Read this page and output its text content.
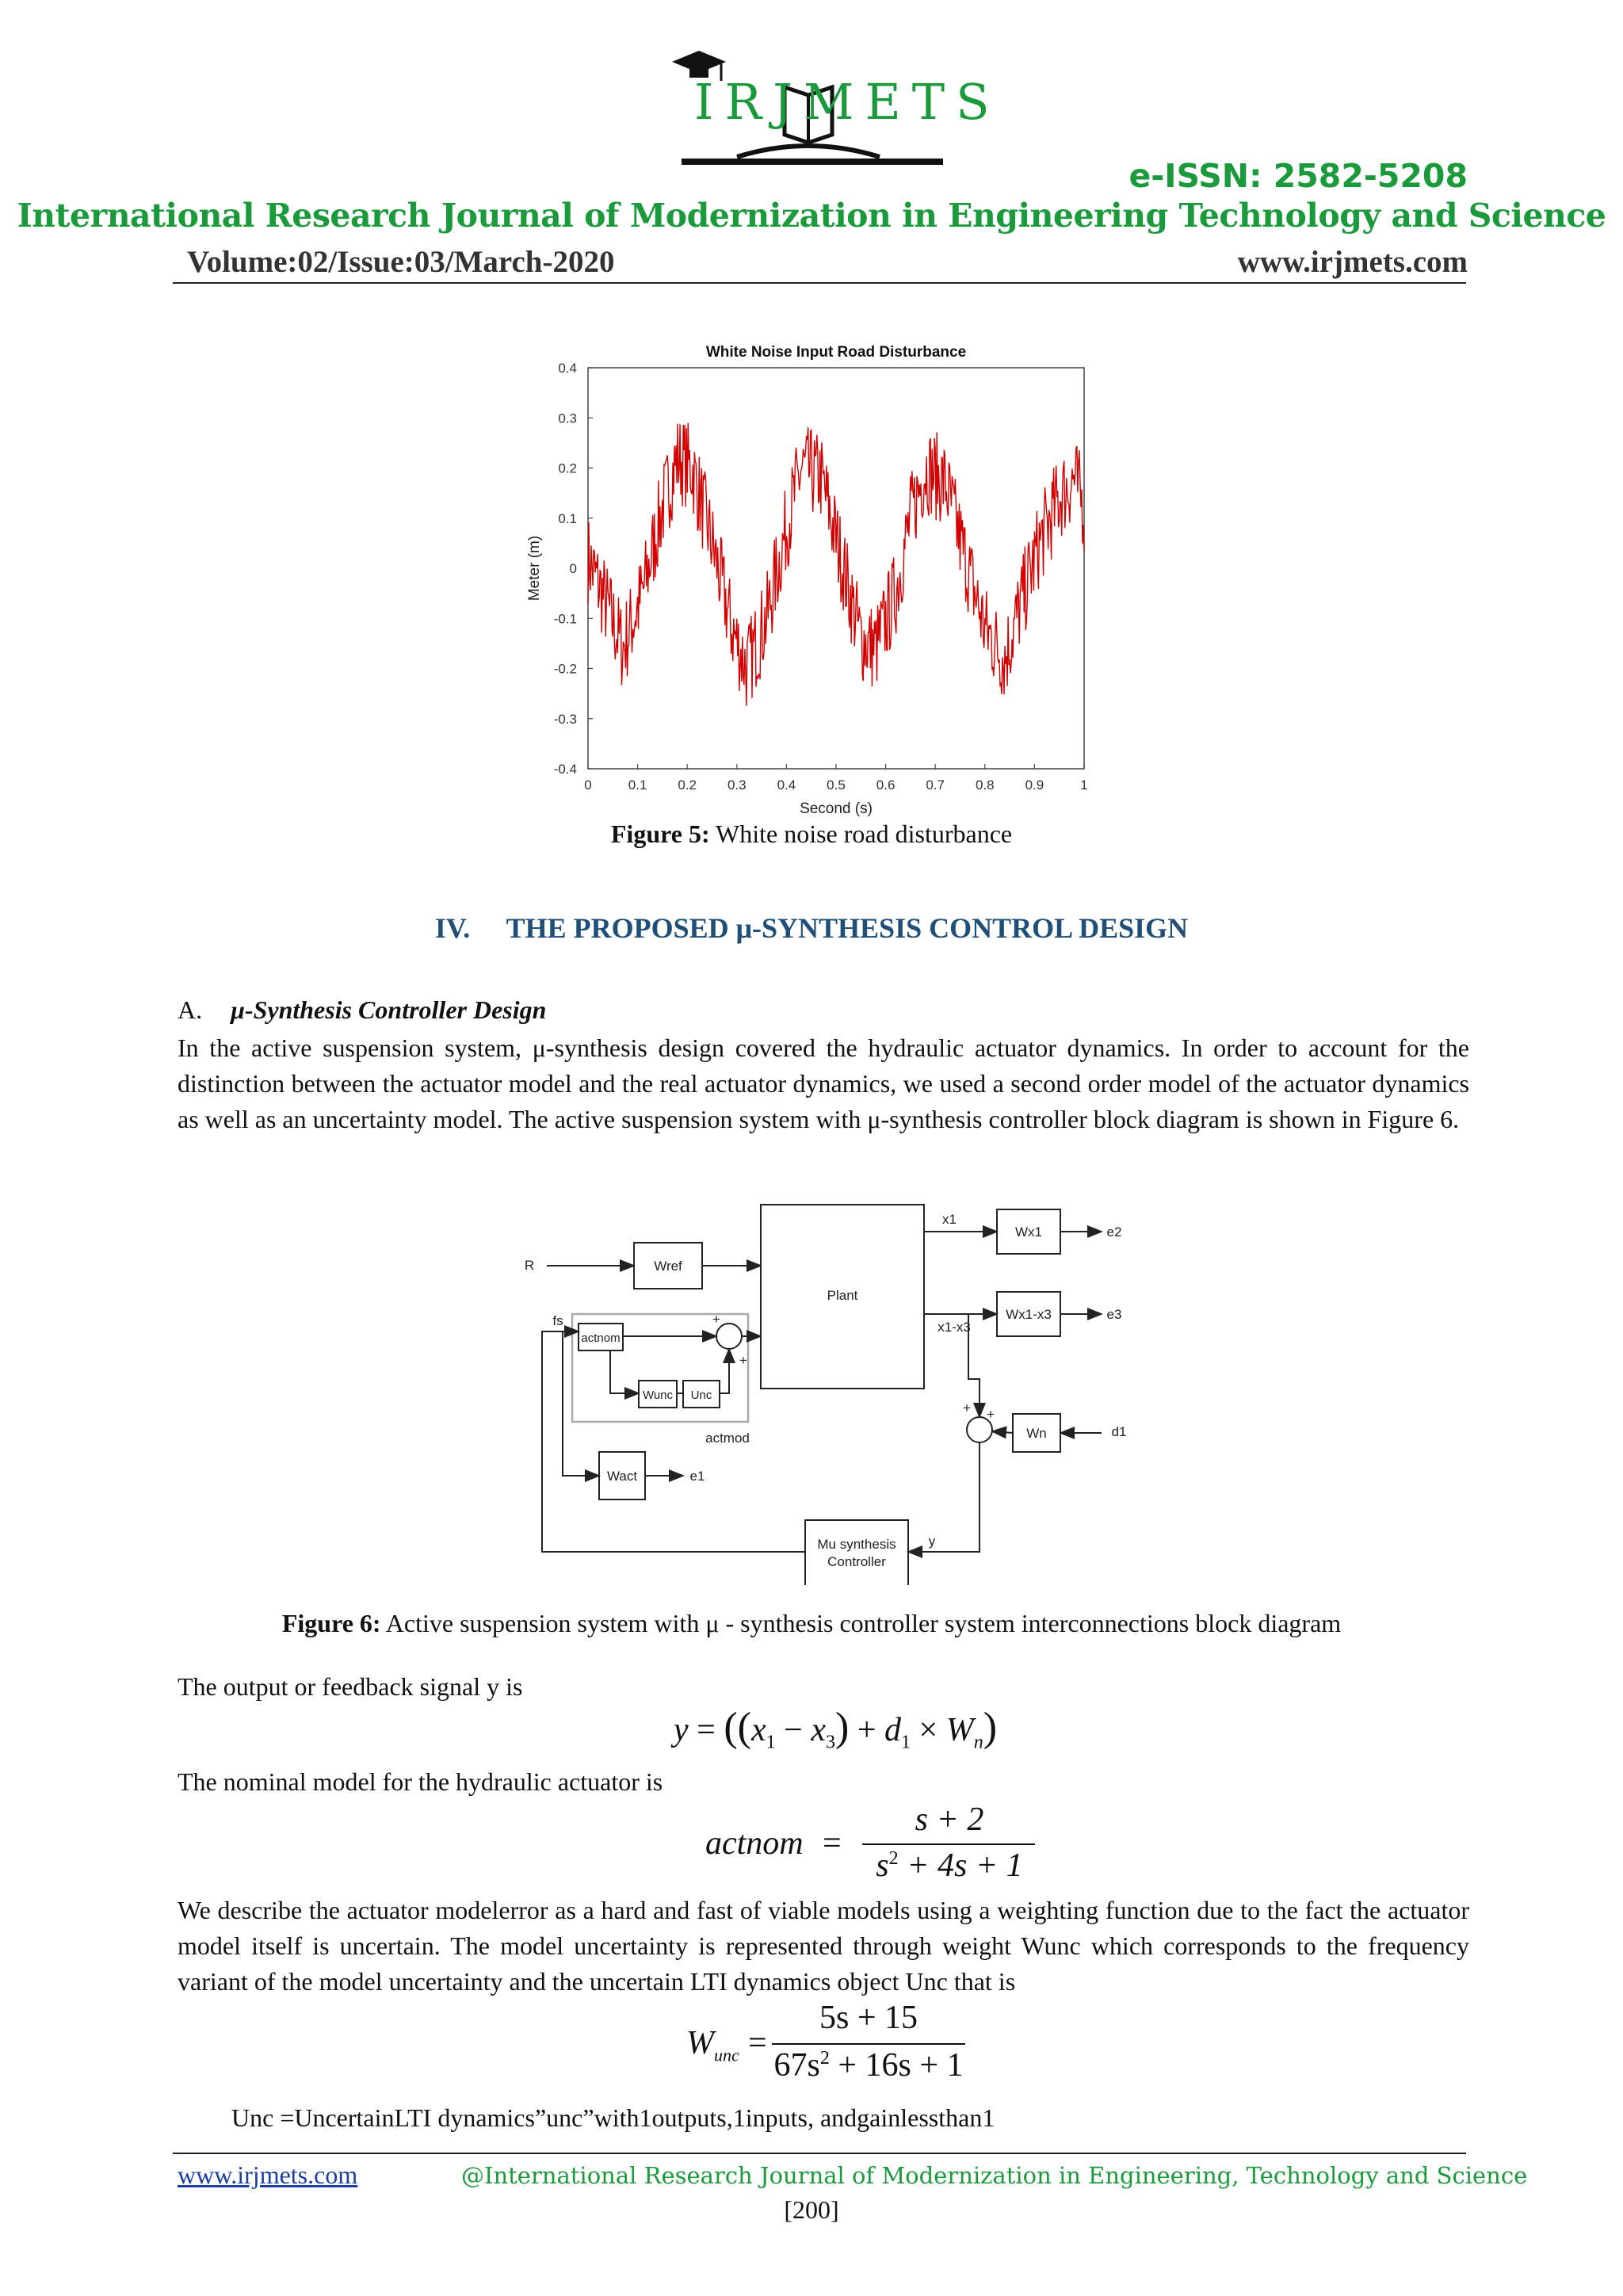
IRJMETS
e-ISSN: 2582-5208
International Research Journal of Modernization in Engineering Technology and Science
Volume:02/Issue:03/March-2020	www.irjmets.com
White Noise Input Road Disturbance
0	0.1 0.2 0.3 0.4 0.5 0.6 0.7 0.8 0.9	1
0.4
0.3
0.2
0.1
0
-0.1
-0.2
-0.3
-0.4
Second (s)
Meter (m)
Figure 5: White noise road disturbance
IV. THE PROPOSED μ-SYNTHESIS CONTROL DESIGN
A. μ-Synthesis Controller Design
In the active suspension system, μ-synthesis design covered the hydraulic actuator dynamics. In order to account for the distinction between the actuator model and the real actuator dynamics, we used a second order model of the actuator dynamics as well as an uncertainty model. The active suspension system with μ-synthesis controller block diagram is shown in Figure 6.
Plant
Wref
Wx1
Wx1-x3
actnom
Wunc Unc
actmod	Wn
Wact
Mu synthesis
Controller
R
fs
x1
x1-x3
e1
e2
e3
d1
y
+
+
+ +
Figure 6: Active suspension system with μ - synthesis controller system interconnections block diagram
The output or feedback signal y is
$y = ((x_1 - x_3) + d_1 \times W_n)$
The nominal model for the hydraulic actuator is
actnom =
s + 2
$s^2 + 4s + 1$
We describe the actuator modelerror as a hard and fast of viable models using a weighting function due to the fact the actuator model itself is uncertain. The model uncertainty is represented through weight Wunc which corresponds to the frequency variant of the model uncertainty and the uncertain LTI dynamics object Unc that is
$W_{unc}$ =
5s + 15
$67s^2 + 16s + 1$
Unc =UncertainLTI dynamics”unc”with1outputs,1inputs, andgainlessthan1
www.irjmets.com	@International Research Journal of Modernization in Engineering, Technology and Science
[200]
